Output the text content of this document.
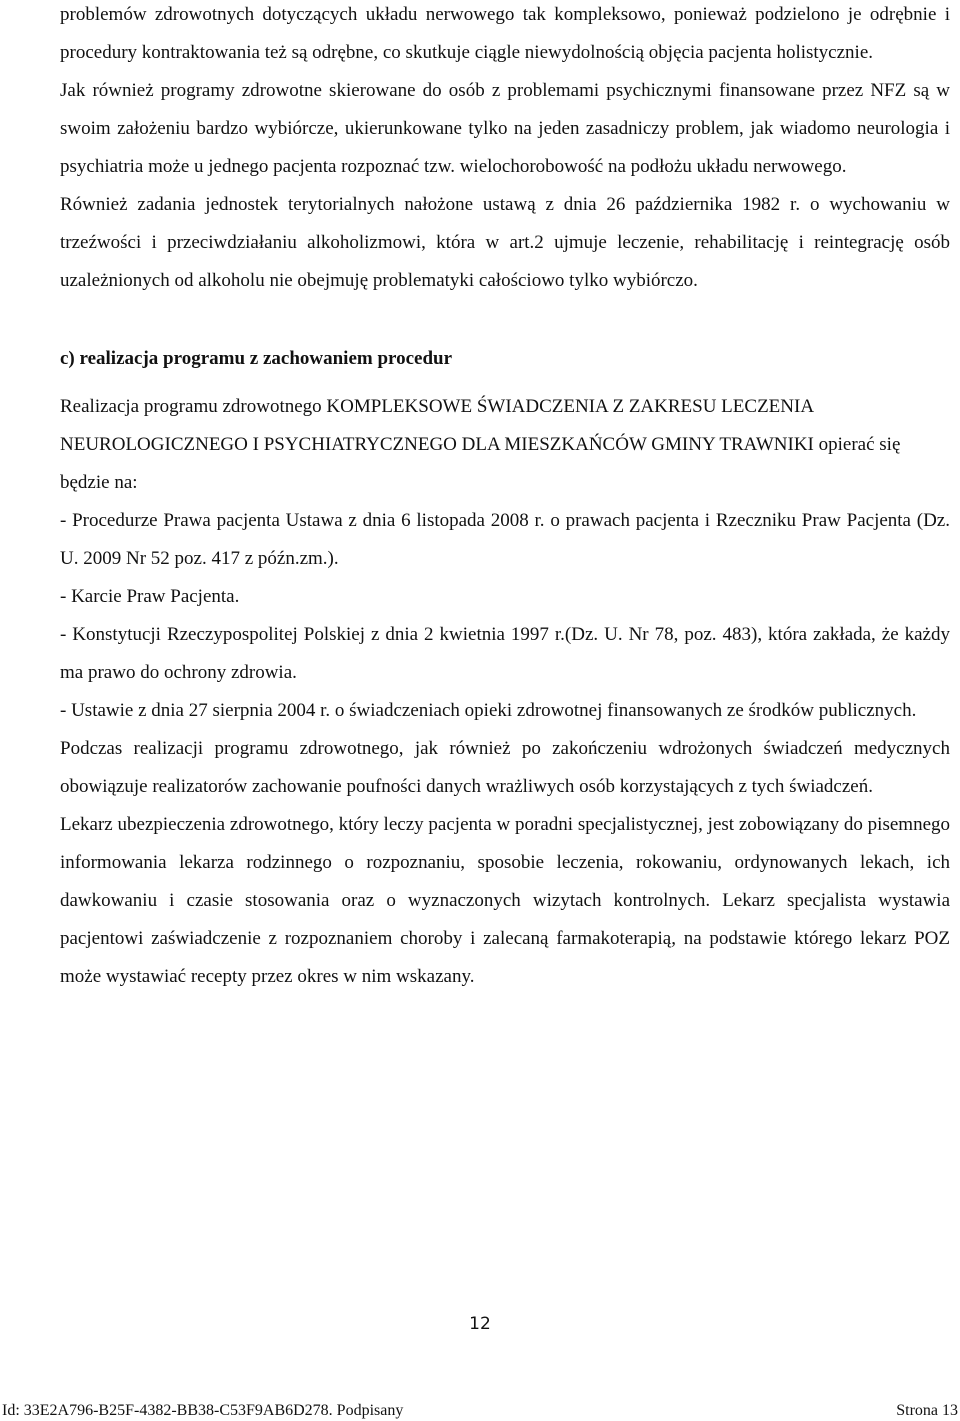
problemów zdrowotnych dotyczących układu nerwowego tak kompleksowo, ponieważ podzielono je odrębnie i procedury kontraktowania też są odrębne, co skutkuje ciągle niewydolnością objęcia pacjenta holistycznie.

Jak również programy zdrowotne skierowane do osób z problemami psychicznymi finansowane przez NFZ są w swoim założeniu bardzo wybiórcze, ukierunkowane tylko na jeden zasadniczy problem, jak wiadomo neurologia i psychiatria może u jednego pacjenta rozpoznać tzw. wielochorobowość na podłożu układu nerwowego.

Również zadania jednostek terytorialnych nałożone ustawą z dnia 26 października 1982 r. o wychowaniu w trzeźwości i przeciwdziałaniu alkoholizmowi, która w art.2 ujmuje leczenie, rehabilitację i reintegrację osób uzależnionych od alkoholu nie obejmuję problematyki całościowo tylko wybiórczo.

c) realizacja programu z zachowaniem procedur

Realizacja programu zdrowotnego KOMPLEKSOWE ŚWIADCZENIA Z ZAKRESU LECZENIA NEUROLOGICZNEGO I PSYCHIATRYCZNEGO DLA MIESZKAŃCÓW GMINY TRAWNIKI opierać się będzie na:

- Procedurze Prawa pacjenta Ustawa z dnia 6 listopada 2008 r. o prawach pacjenta i Rzeczniku Praw Pacjenta (Dz. U. 2009 Nr 52 poz. 417 z późn.zm.).

- Karcie Praw Pacjenta.

- Konstytucji Rzeczypospolitej Polskiej z dnia 2 kwietnia 1997 r.(Dz. U. Nr 78, poz. 483), która zakłada, że każdy ma prawo do ochrony zdrowia.

- Ustawie z dnia 27 sierpnia 2004 r. o świadczeniach opieki zdrowotnej finansowanych ze środków publicznych.

Podczas realizacji programu zdrowotnego, jak również po zakończeniu wdrożonych świadczeń medycznych obowiązuje realizatorów zachowanie poufności danych wrażliwych osób korzystających z tych świadczeń.

Lekarz ubezpieczenia zdrowotnego, który leczy pacjenta w poradni specjalistycznej, jest zobowiązany do pisemnego informowania lekarza rodzinnego o rozpoznaniu, sposobie leczenia, rokowaniu, ordynowanych lekach, ich dawkowaniu i czasie stosowania oraz o wyznaczonych wizytach kontrolnych. Lekarz specjalista wystawia pacjentowi zaświadczenie z rozpoznaniem choroby i zalecaną farmakoterapią, na podstawie którego lekarz POZ może wystawiać recepty przez okres w nim wskazany.

12
Id: 33E2A796-B25F-4382-BB38-C53F9AB6D278. Podpisany	Strona 13
